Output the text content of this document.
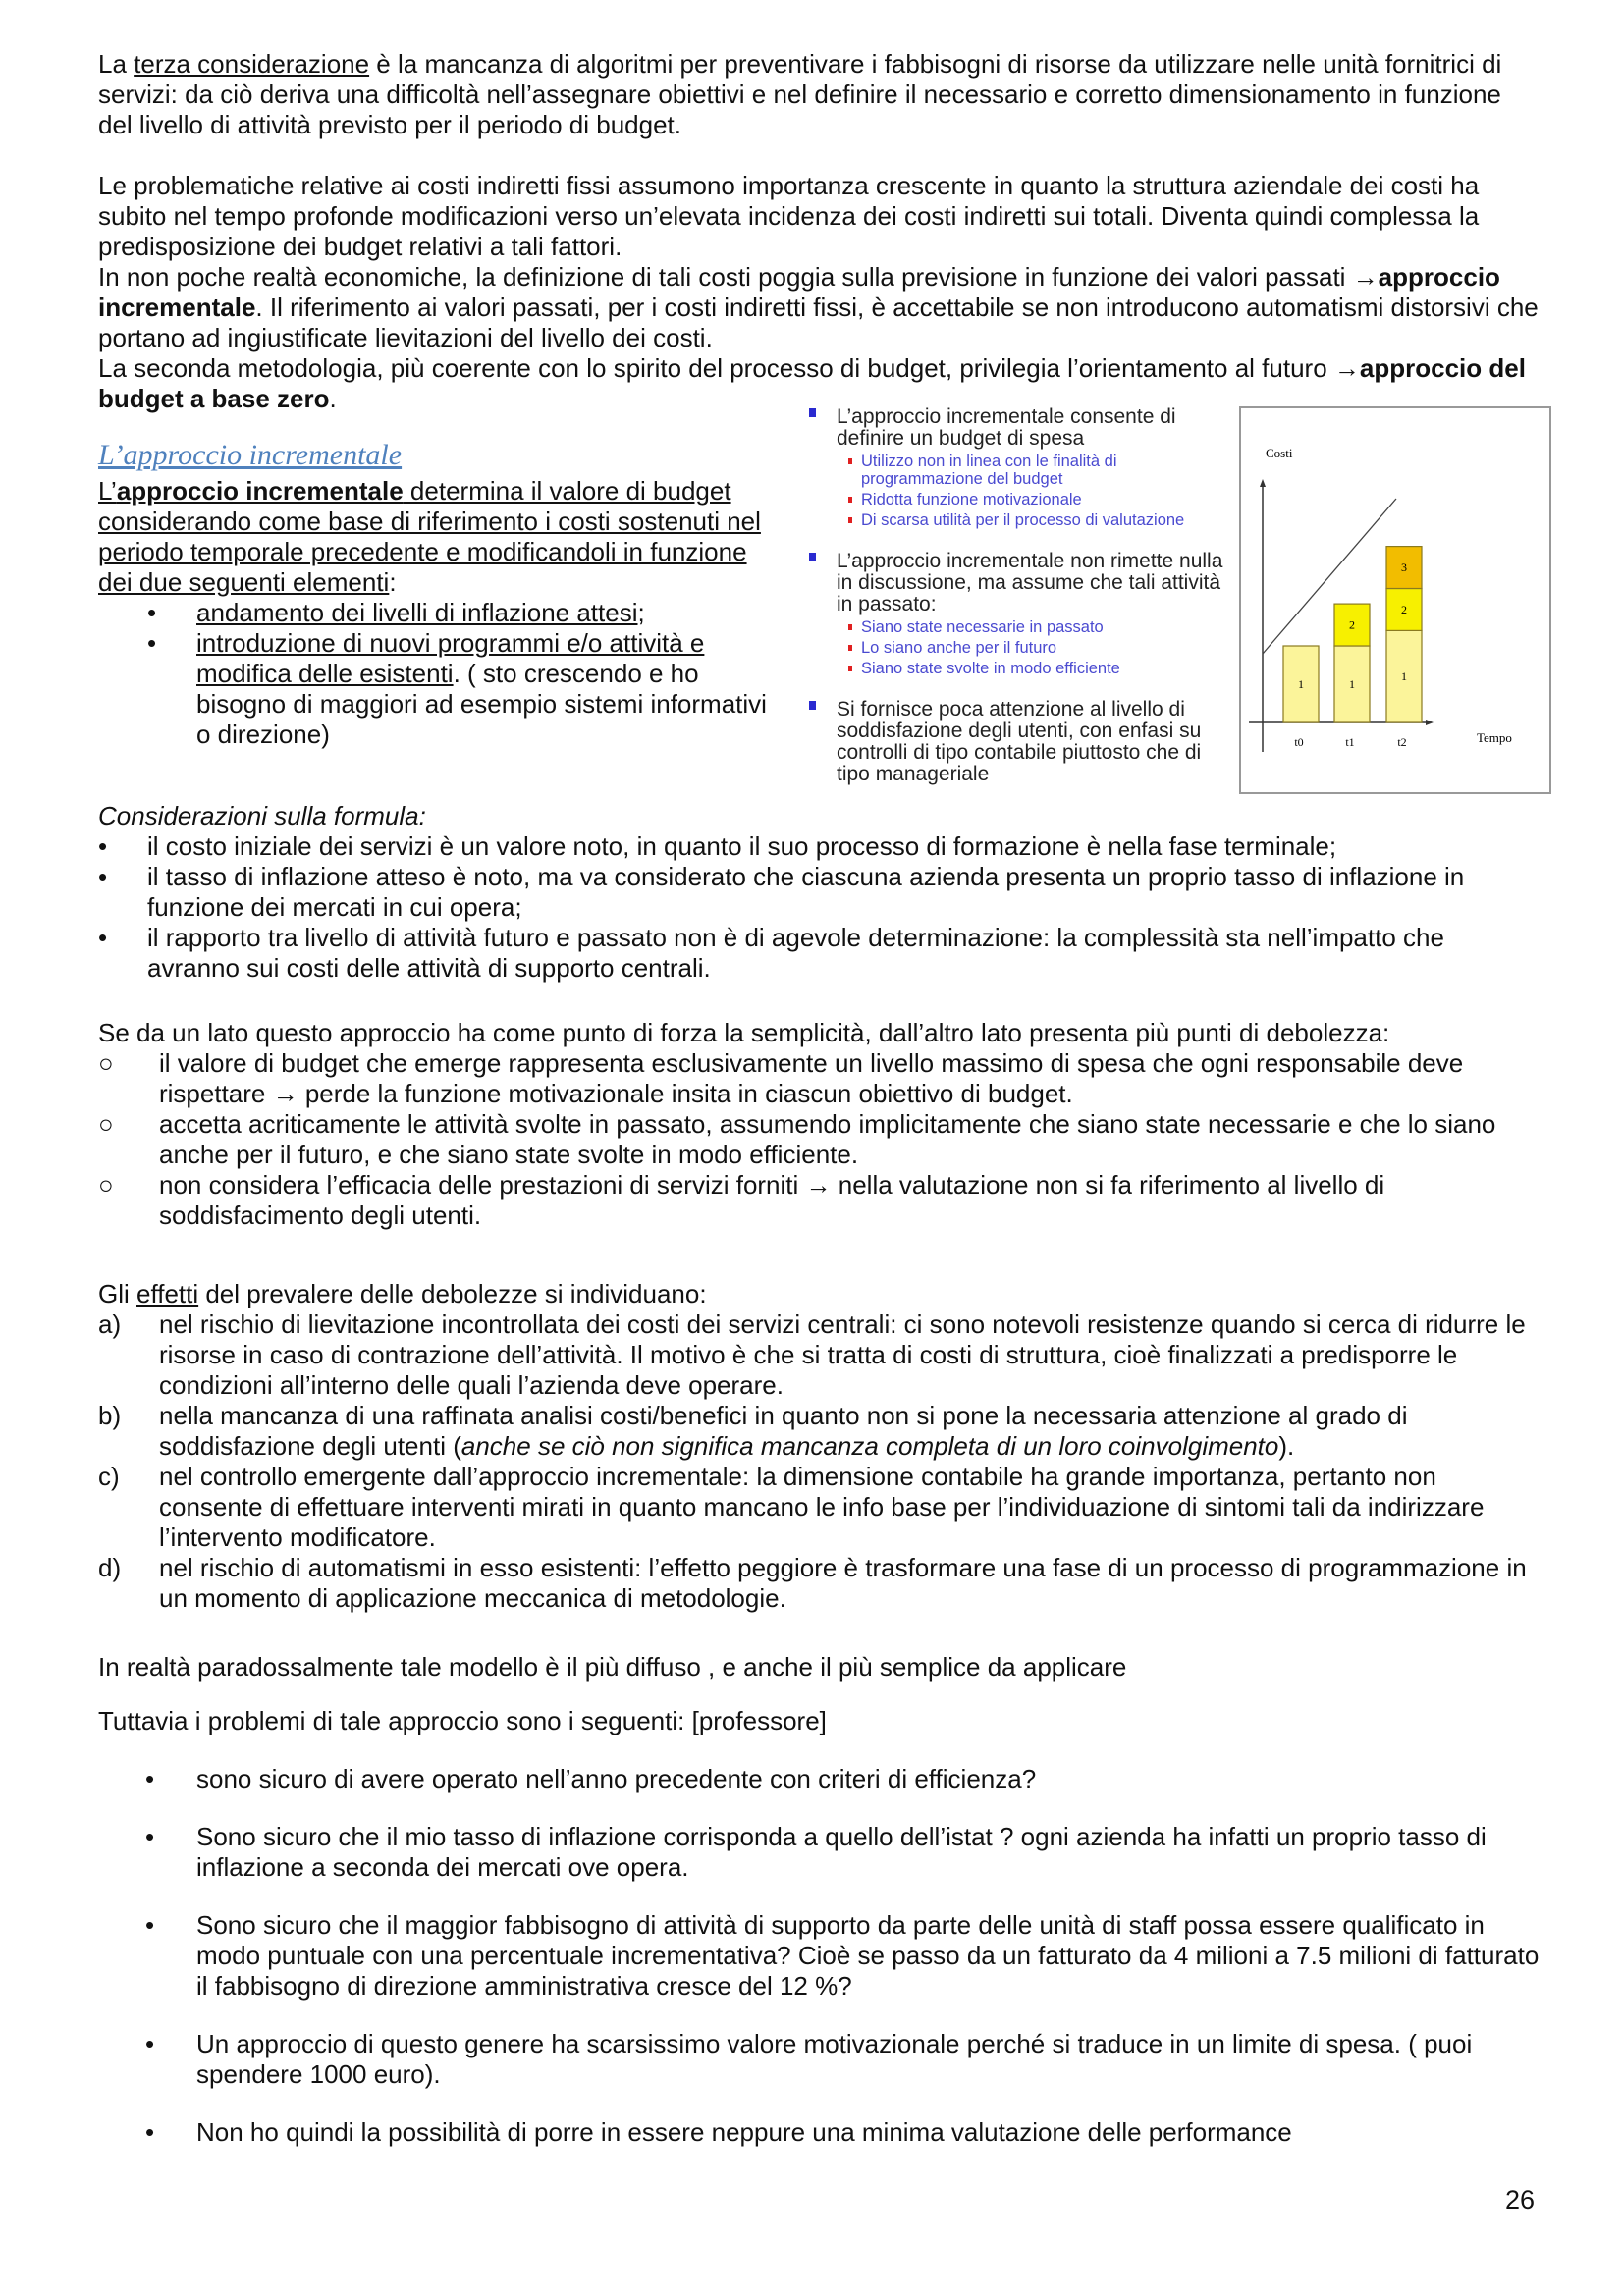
La terza considerazione è la mancanza di algoritmi per preventivare i fabbisogni di risorse da utilizzare nelle unità fornitrici di servizi: da ciò deriva una difficoltà nell’assegnare obiettivi e nel definire il necessario e corretto dimensionamento in funzione del livello di attività previsto per il periodo di budget.

Le problematiche relative ai costi indiretti fissi assumono importanza crescente in quanto la struttura aziendale dei costi ha subito nel tempo profonde modificazioni verso un’elevata incidenza dei costi indiretti sui totali. Diventa quindi complessa la predisposizione dei budget relativi a tali fattori.

In non poche realtà economiche, la definizione di tali costi poggia sulla previsione in funzione dei valori passati →approccio incrementale. Il riferimento ai valori passati, per i costi indiretti fissi, è accettabile se non introducono automatismi distorsivi che portano ad ingiustificate lievitazioni del livello dei costi.

La seconda metodologia, più coerente con lo spirito del processo di budget, privilegia l’orientamento al futuro →approccio del budget a base zero.

L’approccio incrementale

L’approccio incrementale determina il valore di budget considerando come base di riferimento i costi sostenuti nel periodo temporale precedente e modificandoli in funzione dei due seguenti elementi:

• andamento dei livelli di inflazione attesi;
• introduzione di nuovi programmi e/o attività e modifica delle esistenti. ( sto crescendo e ho bisogno di maggiori ad esempio sistemi informativi o direzione)
L’approccio incrementale consente di definire un budget di spesa
Utilizzo non in linea con le finalità di programmazione del budget
Ridotta funzione motivazionale
Di scarsa utilità per il processo di valutazione
L’approccio incrementale non rimette nulla in discussione, ma assume che tali attività in passato:
Siano state necessarie in passato
Lo siano anche per il futuro
Siano state svolte in modo efficiente
Si fornisce poca attenzione al livello di soddisfazione degli utenti, con enfasi su controlli di tipo contabile piuttosto che di tipo manageriale
Costi
Tempo
1
t0
1
2
t1
1
2
3
t2

Considerazioni sulla formula:

• il costo iniziale dei servizi è un valore noto, in quanto il suo processo di formazione è nella fase terminale;
• il tasso di inflazione atteso è noto, ma va considerato che ciascuna azienda presenta un proprio tasso di inflazione in funzione dei mercati in cui opera;
• il rapporto tra livello di attività futuro e passato non è di agevole determinazione: la complessità sta nell’impatto che avranno sui costi delle attività di supporto centrali.

Se da un lato questo approccio ha come punto di forza la semplicità, dall’altro lato presenta più punti di debolezza:

○ il valore di budget che emerge rappresenta esclusivamente un livello massimo di spesa che ogni responsabile deve rispettare → perde la funzione motivazionale insita in ciascun obiettivo di budget.
○ accetta acriticamente le attività svolte in passato, assumendo implicitamente che siano state necessarie e che lo siano anche per il futuro, e che siano state svolte in modo efficiente.
○ non considera l’efficacia delle prestazioni di servizi forniti → nella valutazione non si fa riferimento al livello di soddisfacimento degli utenti.

Gli effetti del prevalere delle debolezze si individuano:

a) nel rischio di lievitazione incontrollata dei costi dei servizi centrali: ci sono notevoli resistenze quando si cerca di ridurre le risorse in caso di contrazione dell’attività. Il motivo è che si tratta di costi di struttura, cioè finalizzati a predisporre le condizioni all’interno delle quali l’azienda deve operare.
b) nella mancanza di una raffinata analisi costi/benefici in quanto non si pone la necessaria attenzione al grado di soddisfazione degli utenti (anche se ciò non significa mancanza completa di un loro coinvolgimento).
c) nel controllo emergente dall’approccio incrementale: la dimensione contabile ha grande importanza, pertanto non consente di effettuare interventi mirati in quanto mancano le info base per l’individuazione di sintomi tali da indirizzare l’intervento modificatore.
d) nel rischio di automatismi in esso esistenti: l’effetto peggiore è trasformare una fase di un processo di programmazione in un momento di applicazione meccanica di metodologie.

In realtà paradossalmente tale modello è il più diffuso , e anche il più semplice da applicare

Tuttavia i problemi di tale approccio sono i seguenti: [professore]

• sono sicuro di avere operato nell’anno precedente con criteri di efficienza?
• Sono sicuro che il mio tasso di inflazione corrisponda a quello dell’istat ? ogni azienda ha infatti un proprio tasso di inflazione a seconda dei mercati ove opera.
• Sono sicuro che il maggior fabbisogno di attività di supporto da parte delle unità di staff possa essere qualificato in modo puntuale con una percentuale incrementativa? Cioè se passo da un fatturato da 4 milioni a 7.5 milioni di fatturato il fabbisogno di direzione amministrativa cresce del 12 %?
• Un approccio di questo genere ha scarsissimo valore motivazionale perché si traduce in un limite di spesa. ( puoi spendere 1000 euro).
• Non ho quindi la possibilità di porre in essere neppure una minima valutazione delle performance
26
